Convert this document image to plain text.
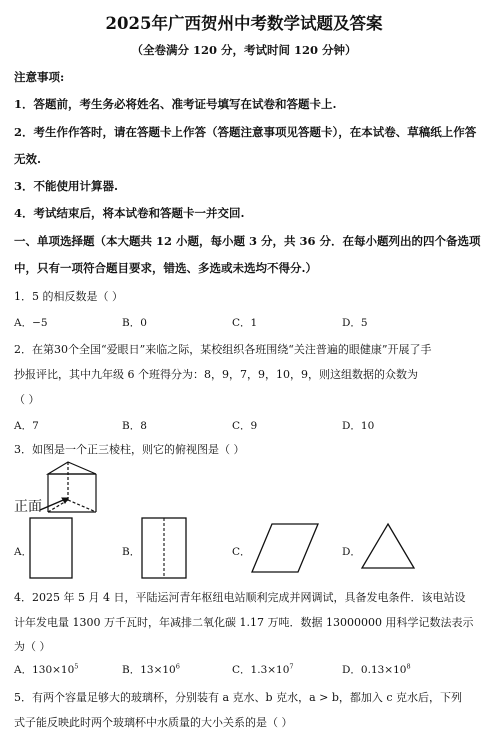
2025年广西贺州中考数学试题及答案
（全卷满分 120 分，考试时间 120 分钟）
注意事项:
1．答题前，考生务必将姓名、准考证号填写在试卷和答题卡上.
2．考生作作答时，请在答题卡上作答（答题注意事项见答题卡），在本试卷、草稿纸上作答
无效.
3．不能使用计算器.
4．考试结束后，将本试卷和答题卡一并交回.
一、单项选择题（本大题共 12 小题，每小题 3 分，共 36 分．在每小题列出的四个备选项
中，只有一项符合题目要求，错选、多选或未选均不得分.）
1．5 的相反数是（ ）
A．−5	B．0	C．1	D．5
2．在第30个全国“爱眼日”来临之际，某校组织各班围绕“关注普遍的眼健康”开展了手
抄报评比，其中九年级 6 个班得分为：8，9，7，9，10，9，则这组数据的众数为
（ ）
A．7	B．8	C．9	D．10
3．如图是一个正三棱柱，则它的俯视图是（ ）
正面
A．	B．	C．	D．
4．2025 年 5 月 4 日，平陆运河青年枢纽电站顺利完成并网调试，具备发电条件．该电站设
计年发电量 1300 万千瓦时，年减排二氧化碳 1.17 万吨．数据 13000000 用科学记数法表示
为（ ）
A．$130\times 10^5$	B．$13\times 10^6$	C．$1.3\times 10^7$	D．$0.13\times 10^8$
5．有两个容量足够大的玻璃杯，分别装有 a 克水、b 克水，a > b，都加入 c 克水后，下列
式子能反映此时两个玻璃杯中水质量的大小关系的是（ ）
